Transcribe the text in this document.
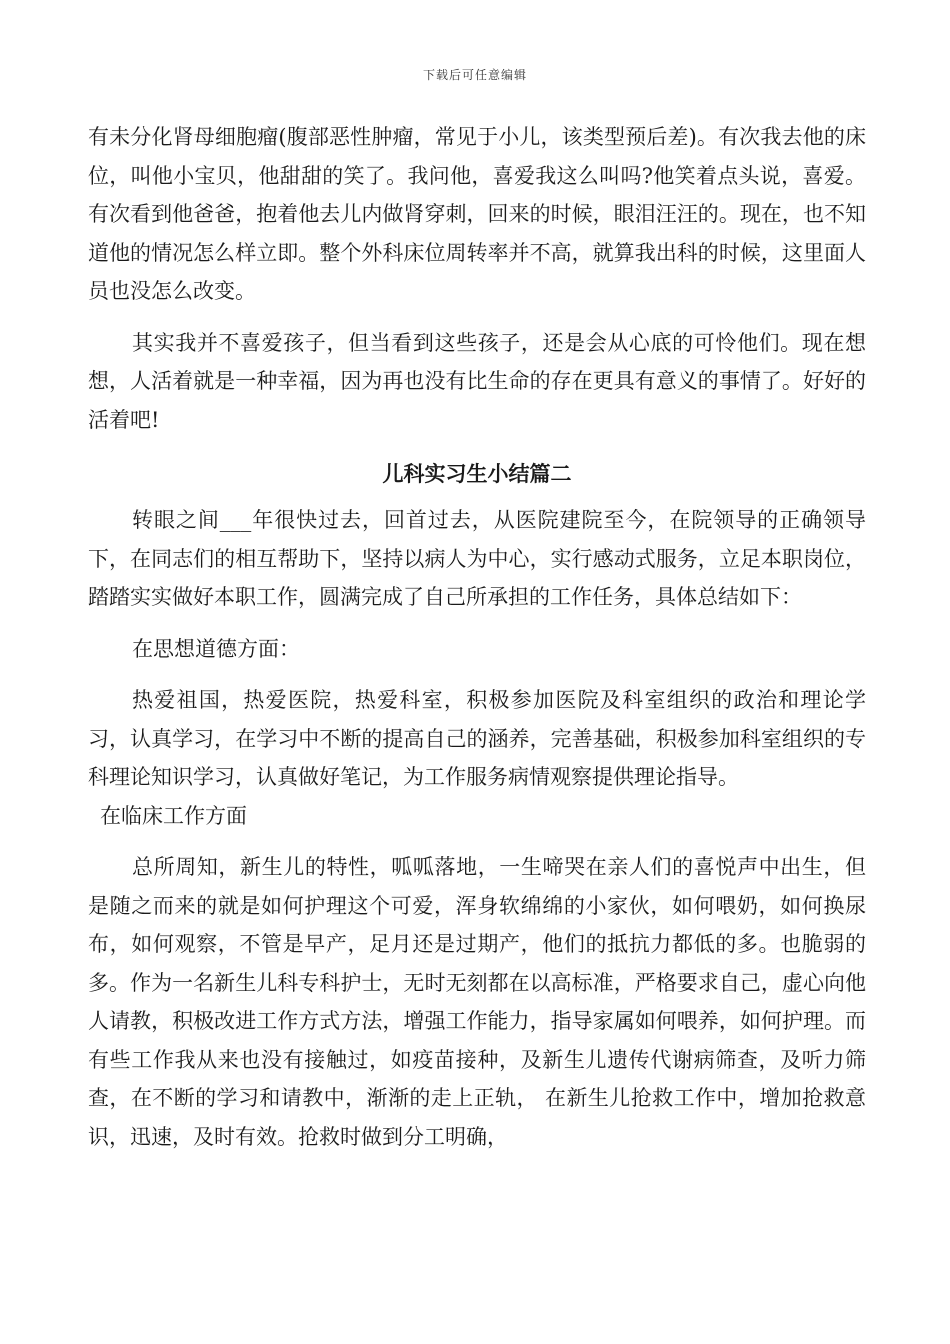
下载后可任意编辑

有未分化肾母细胞瘤(腹部恶性肿瘤，常见于小儿，该类型预后差)。有次我去他的床位，叫他小宝贝，他甜甜的笑了。我问他，喜爱我这么叫吗?他笑着点头说，喜爱。有次看到他爸爸，抱着他去儿内做肾穿刺，回来的时候，眼泪汪汪的。现在，也不知道他的情况怎么样立即。整个外科床位周转率并不高，就算我出科的时候，这里面人员也没怎么改变。

其实我并不喜爱孩子，但当看到这些孩子，还是会从心底的可怜他们。现在想想，人活着就是一种幸福，因为再也没有比生命的存在更具有意义的事情了。好好的活着吧!

儿科实习生小结篇二

转眼之间___年很快过去，回首过去，从医院建院至今，在院领导的正确领导下，在同志们的相互帮助下，坚持以病人为中心，实行感动式服务，立足本职岗位，踏踏实实做好本职工作，圆满完成了自己所承担的工作任务，具体总结如下：

在思想道德方面：

热爱祖国，热爱医院，热爱科室，积极参加医院及科室组织的政治和理论学习，认真学习，在学习中不断的提高自己的涵养，完善基础，积极参加科室组织的专科理论知识学习，认真做好笔记，为工作服务病情观察提供理论指导。
在临床工作方面

总所周知，新生儿的特性，呱呱落地，一生啼哭在亲人们的喜悦声中出生，但是随之而来的就是如何护理这个可爱，浑身软绵绵的小家伙，如何喂奶，如何换尿布，如何观察，不管是早产，足月还是过期产，他们的抵抗力都低的多。也脆弱的多。作为一名新生儿科专科护士，无时无刻都在以高标准，严格要求自己，虚心向他人请教，积极改进工作方式方法，增强工作能力，指导家属如何喂养，如何护理。而有些工作我从来也没有接触过，如疫苗接种，及新生儿遗传代谢病筛查，及听力筛查，在不断的学习和请教中，渐渐的走上正轨， 在新生儿抢救工作中，增加抢救意识，迅速，及时有效。抢救时做到分工明确，
